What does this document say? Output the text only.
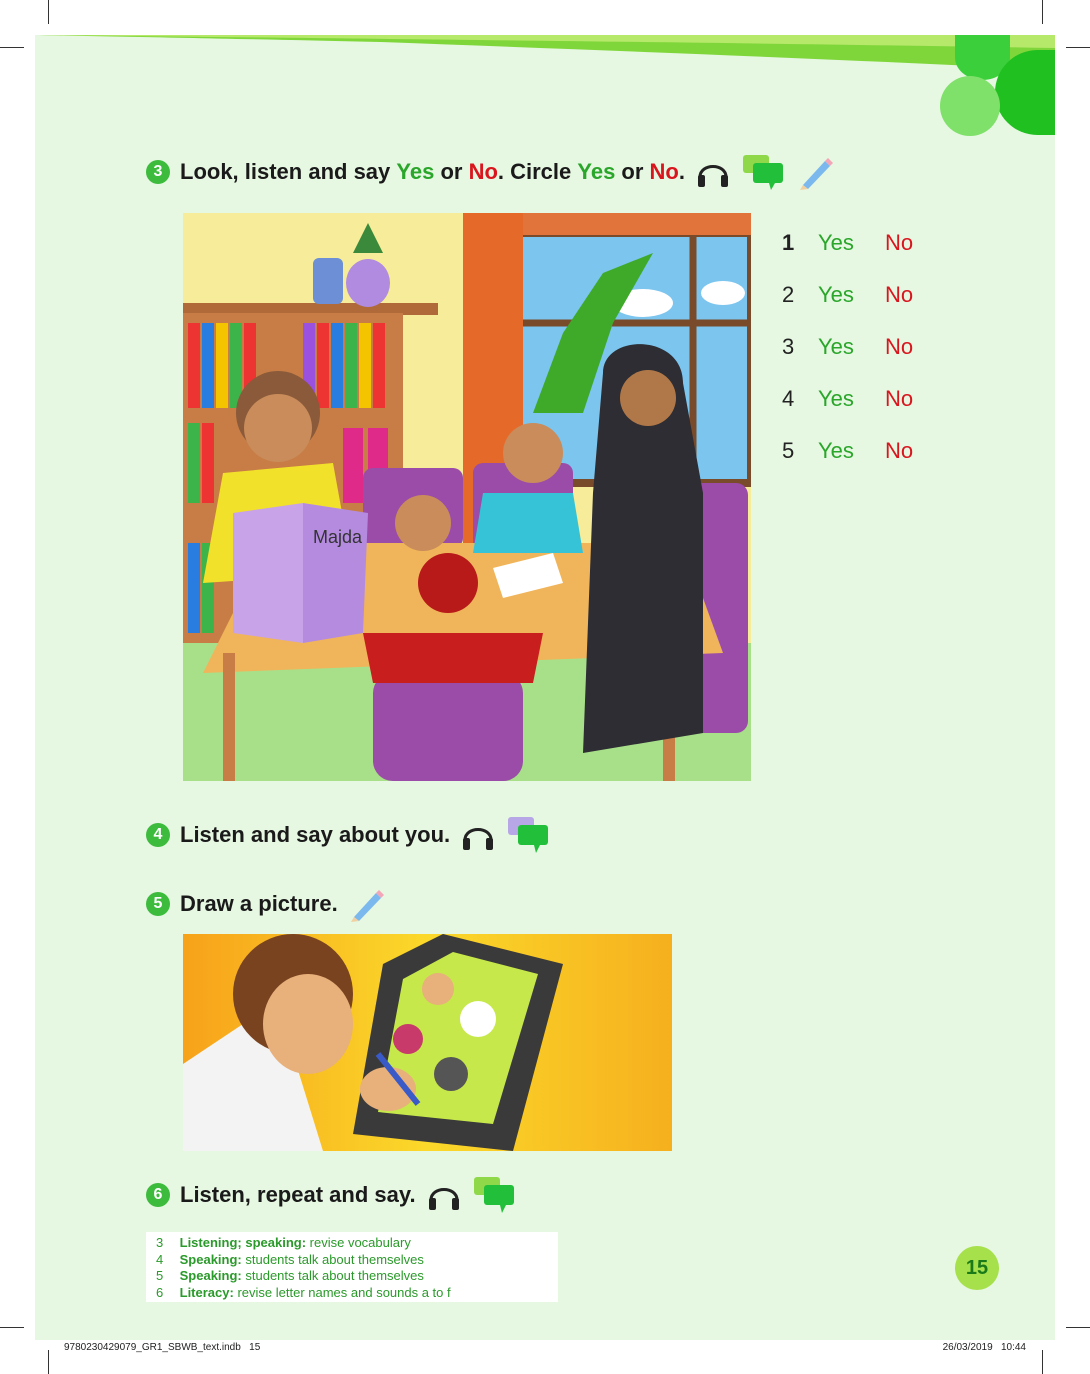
3 Look, listen and say Yes or No . Circle Yes or No .
Majda
1	Yes No
2	Yes No
3	Yes No
4	Yes No
5	Yes No
4 Listen and say about you.
5 Draw a picture.
6 Listen, repeat and say.
3 Listening; speaking: revise vocabulary
4 Speaking: students talk about themselves
5 Speaking: students talk about themselves
6 Literacy: revise letter names and sounds a to f
15
9780230429079_GR1_SBWB_text.indb   15	26/03/2019   10:44
